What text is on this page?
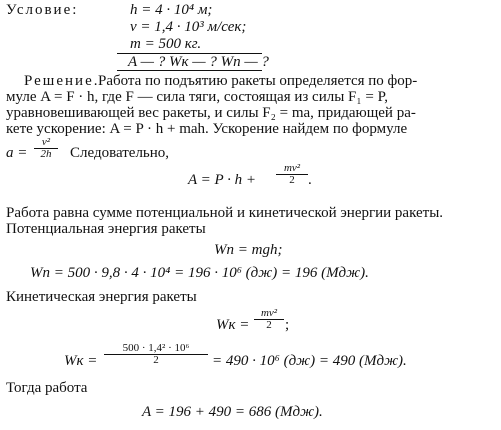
Условие:	h = 4 · 10⁴ м;
v = 1,4 · 10³ м/сек;
m = 500 кг.
A — ? Wк — ? Wп — ?
Решение.
Работа по подъятию ракеты определяется по фор-
муле A = F · h, где F — сила тяги, состоящая из силы F₁ = P,
уравновешивающей вес ракеты, и силы F₂ = ma, придающей ра-
кете ускорение: A = P · h + mah. Ускорение найдем по формуле
$a = \frac{\text{v²}}{2h}$ Следовательно,
$A = P \cdot h + \frac{\text{mv²}}{2}$ .
Работа равна сумме потенциальной и кинетической энергии ракеты.
Потенциальная энергия ракеты
Wп = mgh;
Wп = 500 · 9,8 · 4 · 10⁴ = 196 · 10⁶ (дж) = 196 (Мдж).
Кинетическая энергия ракеты
Wк = $\frac{\text{mv²}}{2}$ ;
Wк = $\frac{\text{500 · 1,4² · 10⁶}}{2} = 490 \cdot 10^6$ (дж) = 490 (Мдж).
Тогда работа
A = 196 + 490 = 686 (Мдж).
